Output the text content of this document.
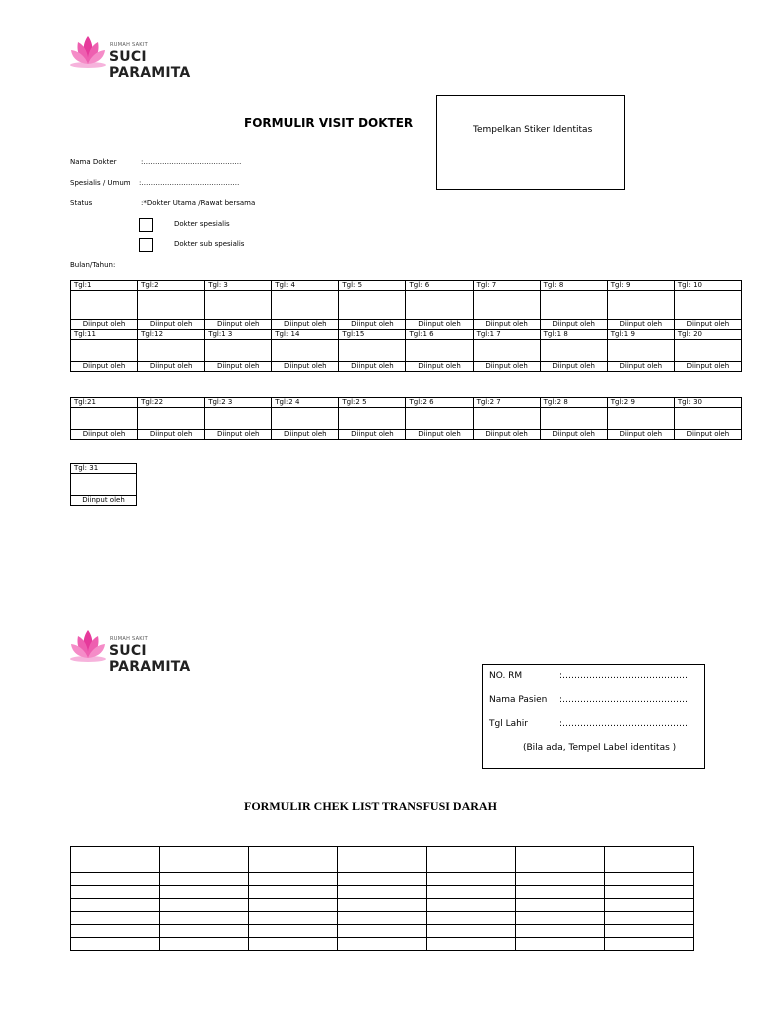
RUMAH SAKIT
SUCI PARAMITA
FORMULIR VISIT DOKTER	Tempelkan Stiker Identitas
Nama Dokter	:……………………………………
Spesialis / Umum :……………………………………
Status	:*Dokter Utama /Rawat bersama
Dokter spesialis
Dokter sub spesialis
Bulan/Tahun:
Tgl:1	Tgl:2	Tgl: 3	Tgl: 4	Tgl: 5	Tgl: 6	Tgl: 7	Tgl: 8	Tgl: 9	Tgl: 10

Diinput oleh	Diinput oleh	Diinput oleh	Diinput oleh	Diinput oleh	Diinput oleh	Diinput oleh	Diinput oleh	Diinput oleh	Diinput oleh
Tgl:11	Tgl:12	Tgl:1 3	Tgl: 14	Tgl:15	Tgl:1 6	Tgl:1 7	Tgl:1 8	Tgl:1 9	Tgl: 20

Diinput oleh	Diinput oleh	Diinput oleh	Diinput oleh	Diinput oleh	Diinput oleh	Diinput oleh	Diinput oleh	Diinput oleh	Diinput oleh
Tgl:21	Tgl:22	Tgl:2 3	Tgl:2 4	Tgl:2 5	Tgl:2 6	Tgl:2 7	Tgl:2 8	Tgl:2 9	Tgl: 30

Diinput oleh	Diinput oleh	Diinput oleh	Diinput oleh	Diinput oleh	Diinput oleh	Diinput oleh	Diinput oleh	Diinput oleh	Diinput oleh
Tgl: 31

Diinput oleh
RUMAH SAKIT
SUCI PARAMITA
NO. RM	:……………………………………
Nama Pasien :……………………………………
Tgl Lahir	:……………………………………
(Bila ada, Tempel Label identitas )
FORMULIR CHEK LIST TRANSFUSI DARAH
